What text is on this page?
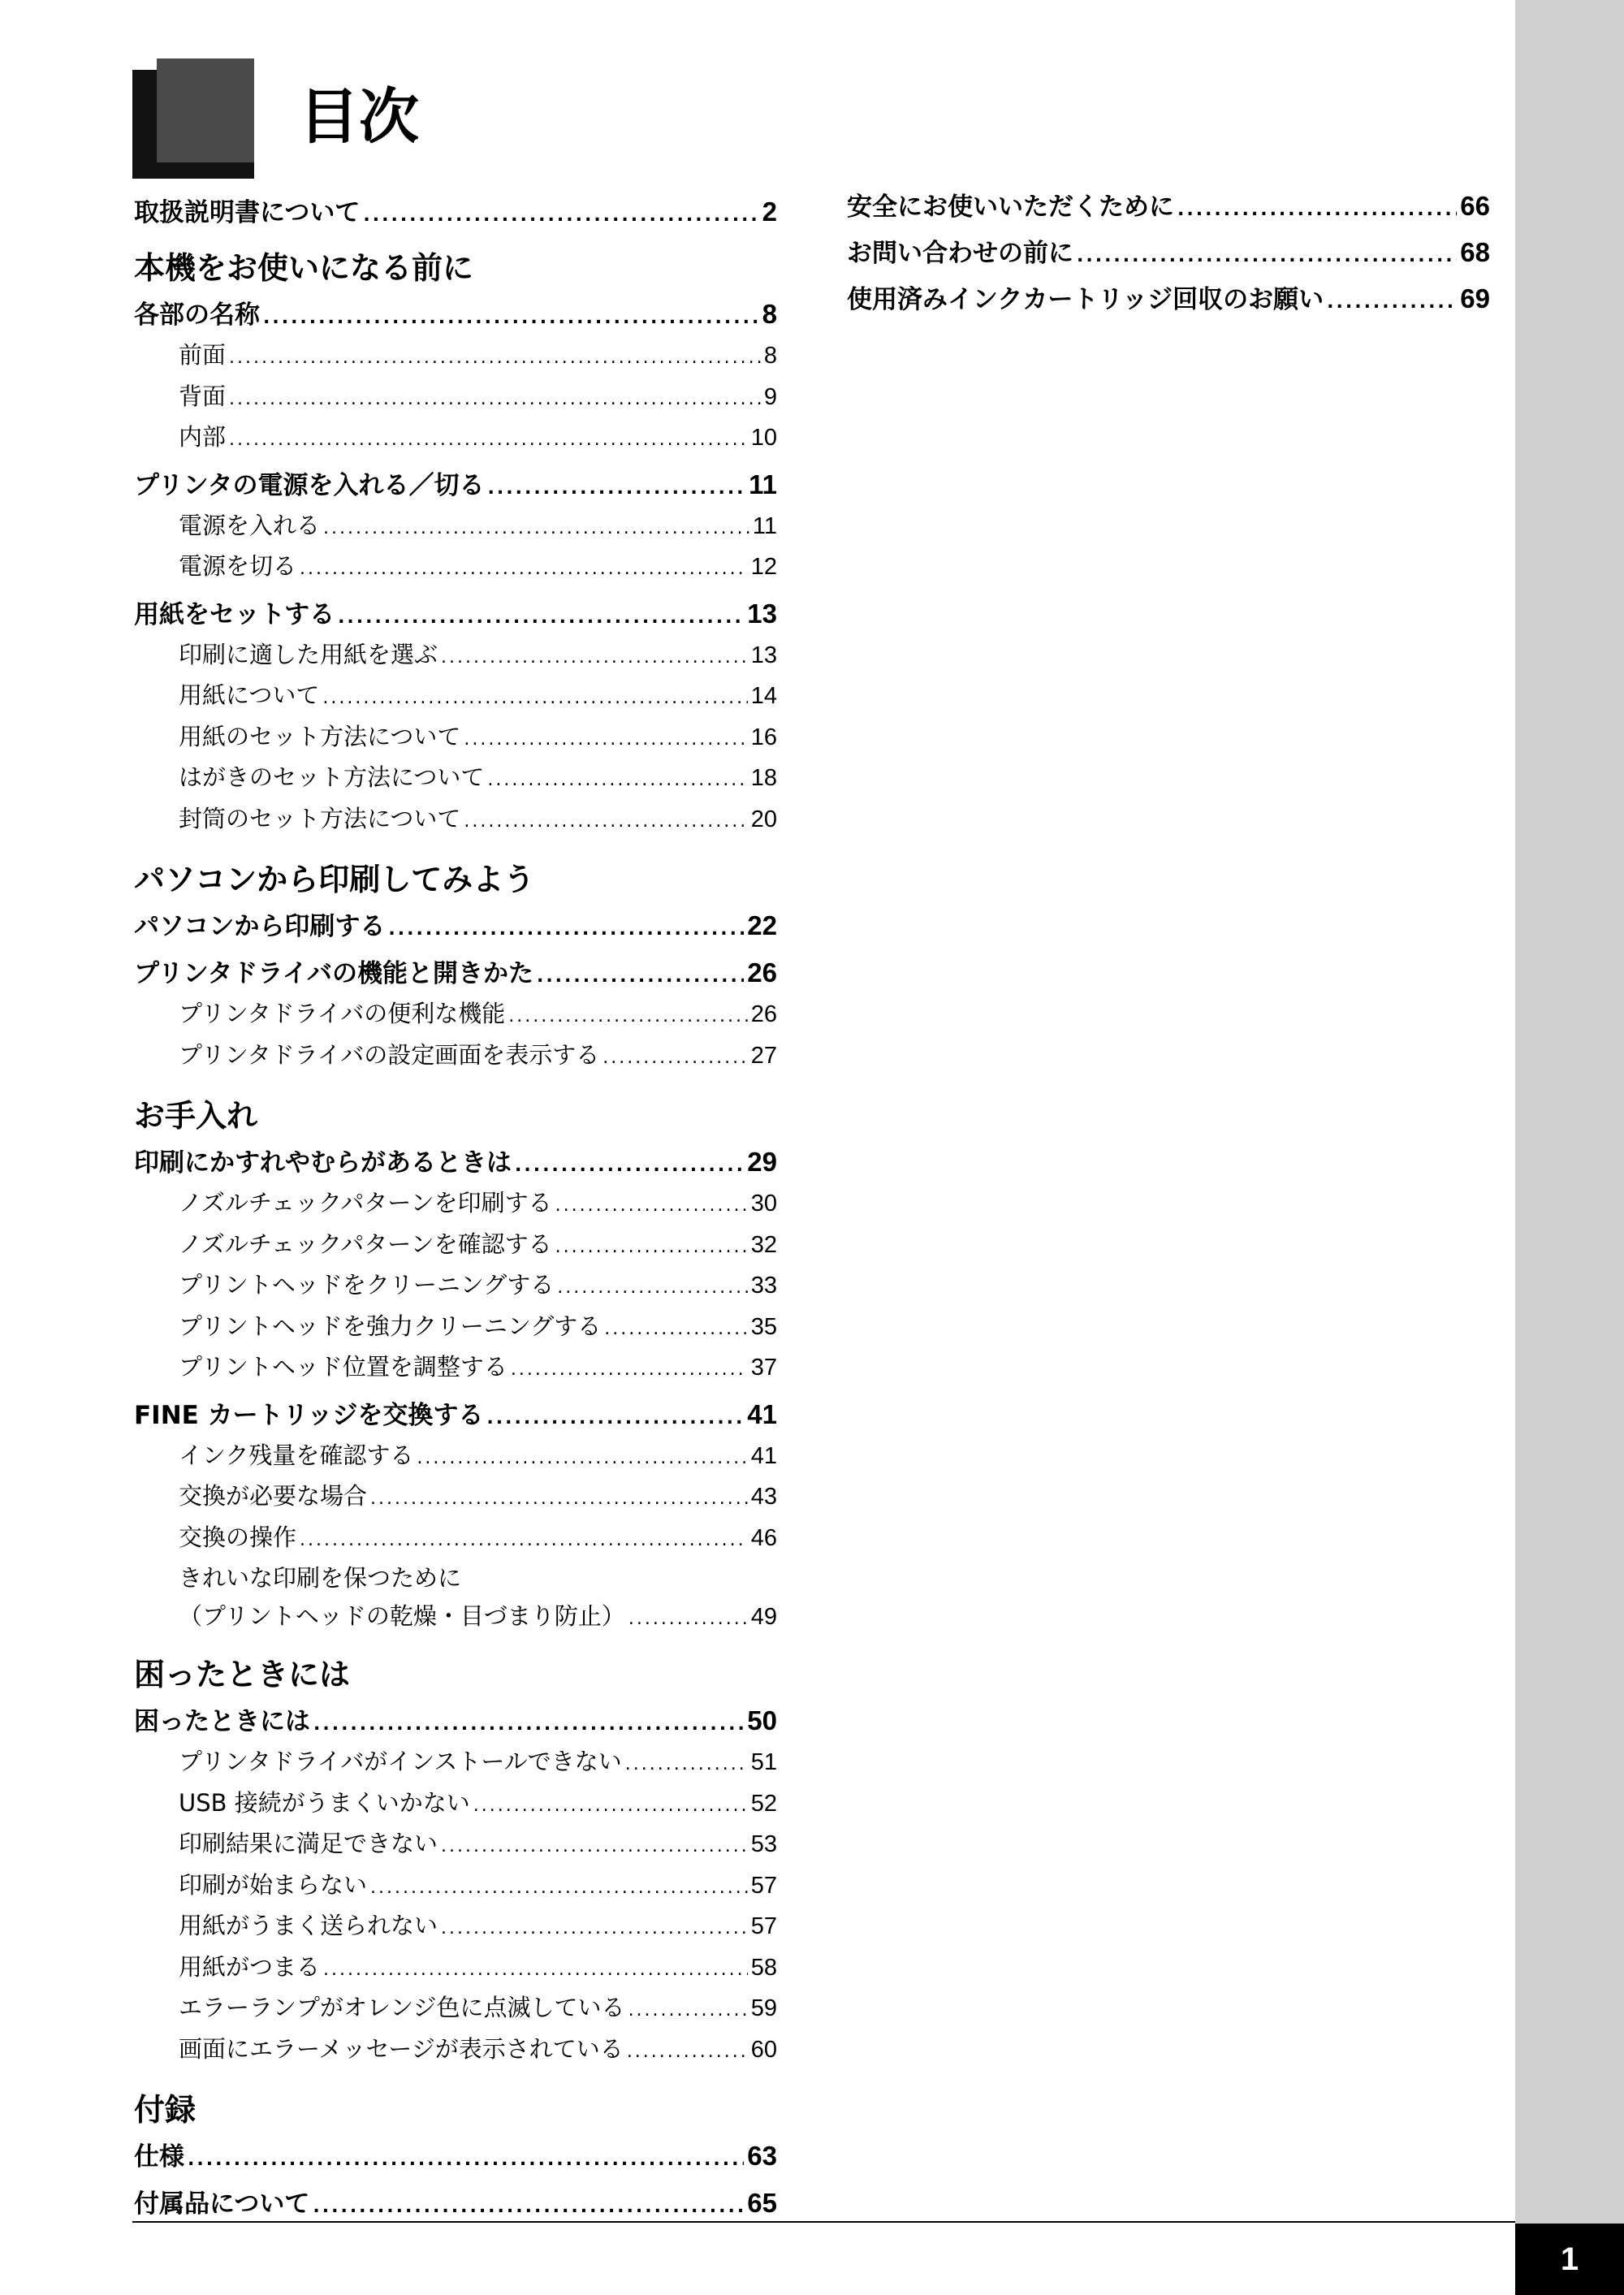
目次
取扱説明書について .....	2
本機をお使いになる前に
各部の名称 .....	8
前面 .....	8
背面 .....	9
内部 .....	10
プリンタの電源を入れる／切る .....	11
電源を入れる .....	11
電源を切る .....	12
用紙をセットする .....	13
印刷に適した用紙を選ぶ .....	13
用紙について .....	14
用紙のセット方法について .....	16
はがきのセット方法について .....	18
封筒のセット方法について .....	20
パソコンから印刷してみよう
パソコンから印刷する .....	22
プリンタドライバの機能と開きかた .....	26
プリンタドライバの便利な機能 .....	26
プリンタドライバの設定画面を表示する .....	27
お手入れ
印刷にかすれやむらがあるときは .....	29
ノズルチェックパターンを印刷する .....	30
ノズルチェックパターンを確認する .....	32
プリントヘッドをクリーニングする .....	33
プリントヘッドを強力クリーニングする .....	35
プリントヘッド位置を調整する .....	37
FINE カートリッジを交換する .....	41
インク残量を確認する .....	41
交換が必要な場合 .....	43
交換の操作 .....	46
きれいな印刷を保つために
（プリントヘッドの乾燥・目づまり防止） .....	49
困ったときには
困ったときには .....	50
プリンタドライバがインストールできない .....	51
USB 接続がうまくいかない .....	52
印刷結果に満足できない .....	53
印刷が始まらない .....	57
用紙がうまく送られない .....	57
用紙がつまる .....	58
エラーランプがオレンジ色に点滅している .....	59
画面にエラーメッセージが表示されている .....	60
付録
仕様 .....	63
付属品について .....	65
安全にお使いいただくために .....	66
お問い合わせの前に .....	68
使用済みインクカートリッジ回収のお願い .....	69
1
